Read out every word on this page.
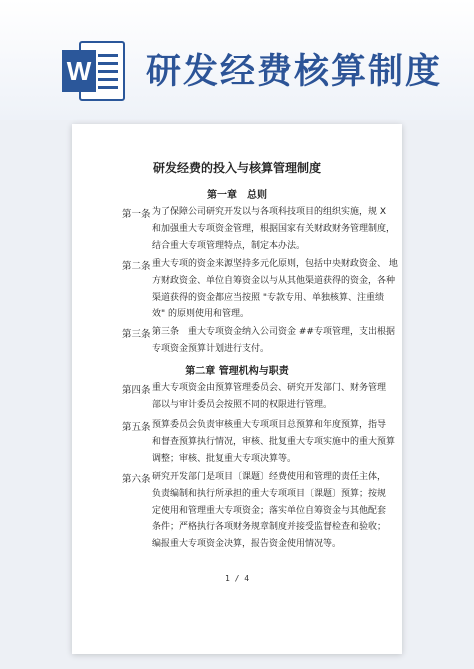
W 研发经费核算制度
研发经费的投入与核算管理制度
第一章　总则
第一条 为了保障公司研究开发以与各项科技项目的组织实施，规 X
和加强重大专项资金管理，根据国家有关财政财务管理制度，
结合重大专项管理特点，制定本办法。
第二条 重大专项的资金来源坚持多元化原则，包括中央财政资金、 地
方财政资金、单位自筹资金以与从其他渠道获得的资金，各种
渠道获得的资金都应当按照 "专款专用、单独核算、注重绩
效" 的原则使用和管理。
第三条 第三条　重大专项资金纳入公司资金 ##专项管理，支出根据
专项资金预算计划进行支付。
第二章 管理机构与职责
第四条 重大专项资金由预算管理委员会、研究开发部门、财务管理
部以与审计委员会按照不同的权限进行管理。
第五条 预算委员会负责审核重大专项项目总预算和年度预算，指导
和督查预算执行情况，审核、批复重大专项实施中的重大预算
调整；审核、批复重大专项决算等。
第六条 研究开发部门是项目〔课题〕经费使用和管理的责任主体，
负责编制和执行所承担的重大专项项目〔课题〕预算；按规
定使用和管理重大专项资金；落实单位自筹资金与其他配套
条件；严格执行各项财务规章制度并接受监督检查和验收；
编报重大专项资金决算，报告资金使用情况等。
1 / 4
